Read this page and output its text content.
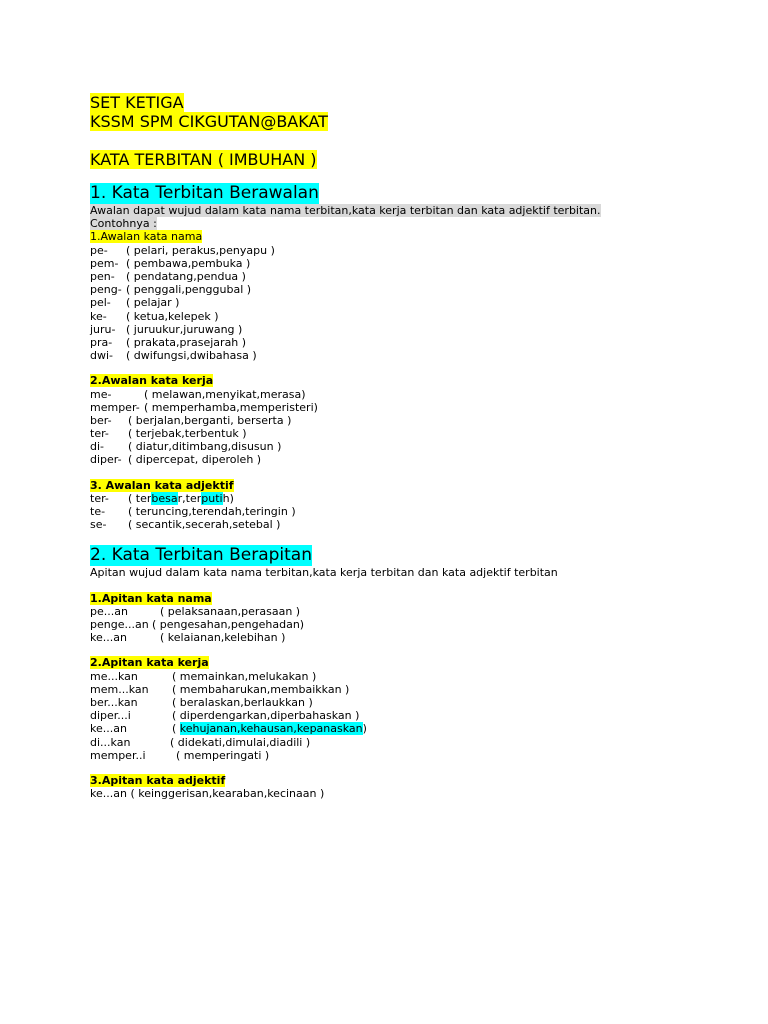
SET KETIGA
KSSM SPM CIKGUTAN@BAKAT
KATA TERBITAN ( IMBUHAN )
1. Kata Terbitan Berawalan
Awalan dapat wujud dalam kata nama terbitan,kata kerja terbitan dan kata adjektif terbitan.
Contohnya :
1.Awalan kata nama
pe- ( pelari, perakus,penyapu )
pem- ( pembawa,pembuka )
pen- ( pendatang,pendua )
peng- ( penggali,penggubal )
pel- ( pelajar )
ke- ( ketua,kelepek )
juru- ( juruukur,juruwang )
pra- ( prakata,prasejarah )
dwi- ( dwifungsi,dwibahasa )
2.Awalan kata kerja
me-	( melawan,menyikat,merasa)
memper- ( memperhamba,memperisteri)
ber- ( berjalan,berganti, berserta )
ter- ( terjebak,terbentuk )
di- ( diatur,ditimbang,disusun )
diper- ( dipercepat, diperoleh )
3. Awalan kata adjektif
ter- ( terbesar,terputih)
te- ( teruncing,terendah,teringin )
se- ( secantik,secerah,setebal )
2. Kata Terbitan Berapitan
Apitan wujud dalam kata nama terbitan,kata kerja terbitan dan kata adjektif terbitan
1.Apitan kata nama
pe...an	( pelaksanaan,perasaan )
penge...an ( pengesahan,pengehadan)
ke...an	( kelaianan,kelebihan )
2.Apitan kata kerja
me...kan	( memainkan,melukakan )
mem...kan ( membaharukan,membaikkan )
ber...kan	( beralaskan,berlaukkan )
diper...i	( diperdengarkan,diperbahaskan )
ke...an	( kehujanan,kehausan,kepanaskan)
di...kan	( didekati,dimulai,diadili )
memper..i	( memperingati )
3.Apitan kata adjektif
ke...an ( keinggerisan,kearaban,kecinaan )
